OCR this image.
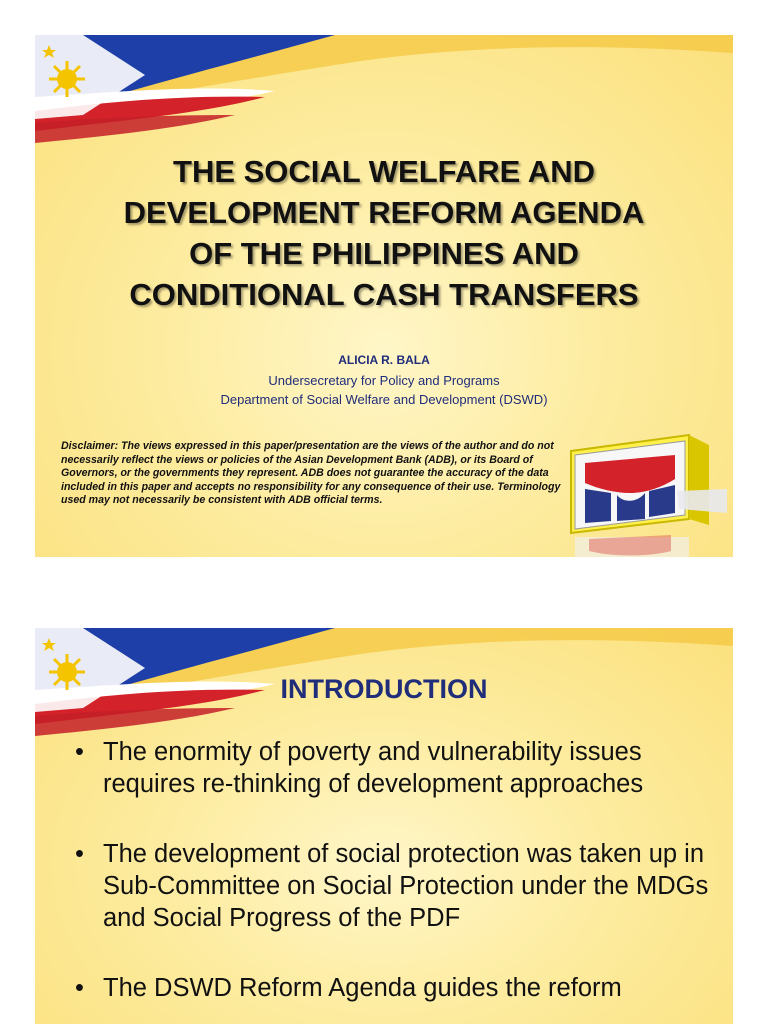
THE SOCIAL WELFARE AND
DEVELOPMENT REFORM AGENDA
OF THE PHILIPPINES AND
CONDITIONAL CASH TRANSFERS
ALICIA R. BALA
Undersecretary for Policy and Programs
Department of Social Welfare and Development (DSWD)

Disclaimer: The views expressed in this paper/presentation are the views of the author and do not necessarily reflect the views or policies of the Asian Development Bank (ADB), or its Board of Governors, or the governments they represent. ADB does not guarantee the accuracy of the data included in this paper and accepts no responsibility for any consequence of their use. Terminology used may not necessarily be consistent with ADB official terms.

INTRODUCTION
• The enormity of poverty and vulnerability issues requires re-thinking of development approaches
• The development of social protection was taken up in Sub-Committee on Social Protection under the MDGs and Social Progress of the PDF
• The DSWD Reform Agenda guides the reform
